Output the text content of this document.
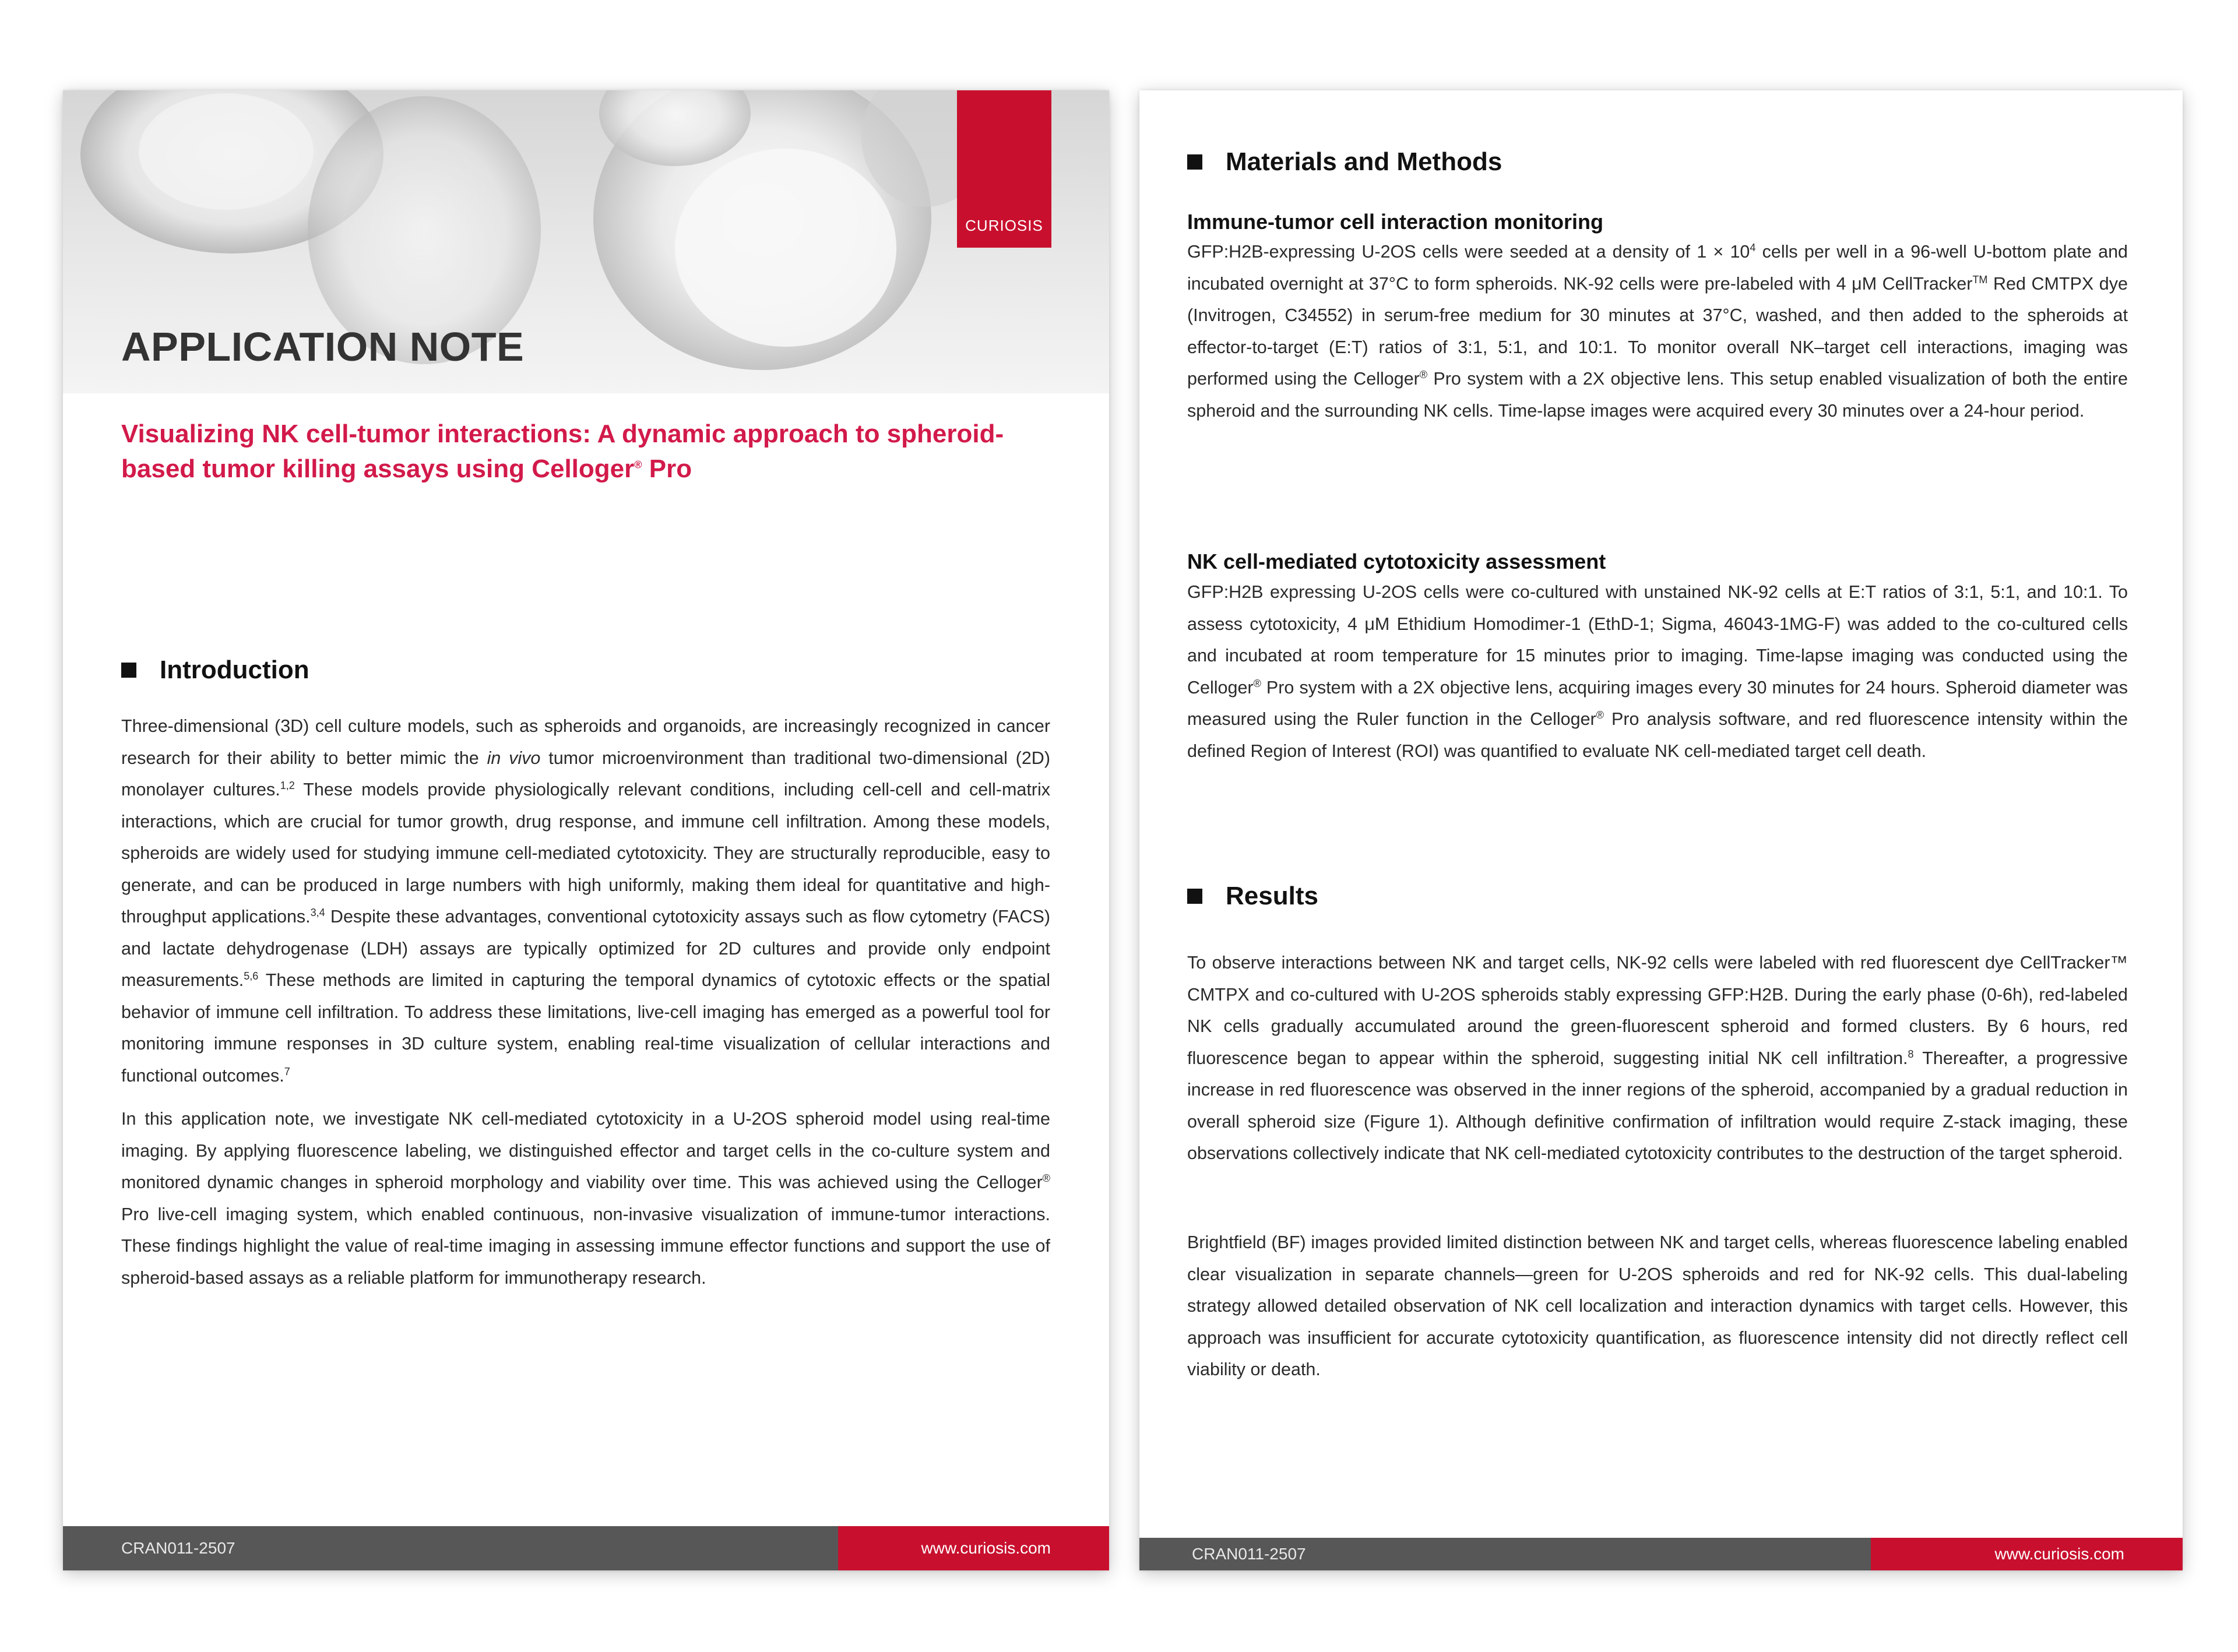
CURIOSIS
APPLICATION NOTE
Visualizing NK cell-tumor interactions: A dynamic approach to spheroid-
based tumor killing assays using Celloger® Pro
Introduction

Three-dimensional (3D) cell culture models, such as spheroids and organoids, are increasingly recognized in cancer research for their ability to better mimic the in vivo tumor microenvironment than traditional two-dimensional (2D) monolayer cultures.$^{1,2}$ These models provide physiologically relevant conditions, including cell-cell and cell-matrix interactions, which are crucial for tumor growth, drug response, and immune cell infiltration. Among these models, spheroids are widely used for studying immune cell-mediated cytotoxicity. They are structurally reproducible, easy to generate, and can be produced in large numbers with high uniformly, making them ideal for quantitative and high-throughput applications.$^{3,4}$ Despite these advantages, conventional cytotoxicity assays such as flow cytometry (FACS) and lactate dehydrogenase (LDH) assays are typically optimized for 2D cultures and provide only endpoint measurements.$^{5,6}$ These methods are limited in capturing the temporal dynamics of cytotoxic effects or the spatial behavior of immune cell infiltration. To address these limitations, live-cell imaging has emerged as a powerful tool for monitoring immune responses in 3D culture system, enabling real-time visualization of cellular interactions and functional outcomes.$^7$

In this application note, we investigate NK cell-mediated cytotoxicity in a U-2OS spheroid model using real-time imaging. By applying fluorescence labeling, we distinguished effector and target cells in the co-culture system and monitored dynamic changes in spheroid morphology and viability over time. This was achieved using the Celloger® Pro live-cell imaging system, which enabled continuous, non-invasive visualization of immune-tumor interactions. These findings highlight the value of real-time imaging in assessing immune effector functions and support the use of spheroid-based assays as a reliable platform for immunotherapy research.

CRAN011-2507	www.curiosis.com
Materials and Methods
Immune-tumor cell interaction monitoring

GFP:H2B-expressing U-2OS cells were seeded at a density of $1 \times 10^4$ cells per well in a 96-well U-bottom plate and incubated overnight at 37°C to form spheroids. NK-92 cells were pre-labeled with 4 μM CellTracker™ Red CMTPX dye (Invitrogen, C34552) in serum-free medium for 30 minutes at 37°C, washed, and then added to the spheroids at effector-to-target (E:T) ratios of 3:1, 5:1, and 10:1. To monitor overall NK–target cell interactions, imaging was performed using the Celloger® Pro system with a 2X objective lens. This setup enabled visualization of both the entire spheroid and the surrounding NK cells. Time-lapse images were acquired every 30 minutes over a 24-hour period.

NK cell-mediated cytotoxicity assessment

GFP:H2B expressing U-2OS cells were co-cultured with unstained NK-92 cells at E:T ratios of 3:1, 5:1, and 10:1. To assess cytotoxicity, 4 μM Ethidium Homodimer-1 (EthD-1; Sigma, 46043-1MG-F) was added to the co-cultured cells and incubated at room temperature for 15 minutes prior to imaging. Time-lapse imaging was conducted using the Celloger® Pro system with a 2X objective lens, acquiring images every 30 minutes for 24 hours. Spheroid diameter was measured using the Ruler function in the Celloger® Pro analysis software, and red fluorescence intensity within the defined Region of Interest (ROI) was quantified to evaluate NK cell-mediated target cell death.

Results

To observe interactions between NK and target cells, NK-92 cells were labeled with red fluorescent dye CellTracker™ CMTPX and co-cultured with U-2OS spheroids stably expressing GFP:H2B. During the early phase (0-6h), red-labeled NK cells gradually accumulated around the green-fluorescent spheroid and formed clusters. By 6 hours, red fluorescence began to appear within the spheroid, suggesting initial NK cell infiltration.$^8$ Thereafter, a progressive increase in red fluorescence was observed in the inner regions of the spheroid, accompanied by a gradual reduction in overall spheroid size (Figure 1). Although definitive confirmation of infiltration would require Z-stack imaging, these observations collectively indicate that NK cell-mediated cytotoxicity contributes to the destruction of the target spheroid.

Brightfield (BF) images provided limited distinction between NK and target cells, whereas fluorescence labeling enabled clear visualization in separate channels—green for U-2OS spheroids and red for NK-92 cells. This dual-labeling strategy allowed detailed observation of NK cell localization and interaction dynamics with target cells. However, this approach was insufficient for accurate cytotoxicity quantification, as fluorescence intensity did not directly reflect cell viability or death.

CRAN011-2507	www.curiosis.com
